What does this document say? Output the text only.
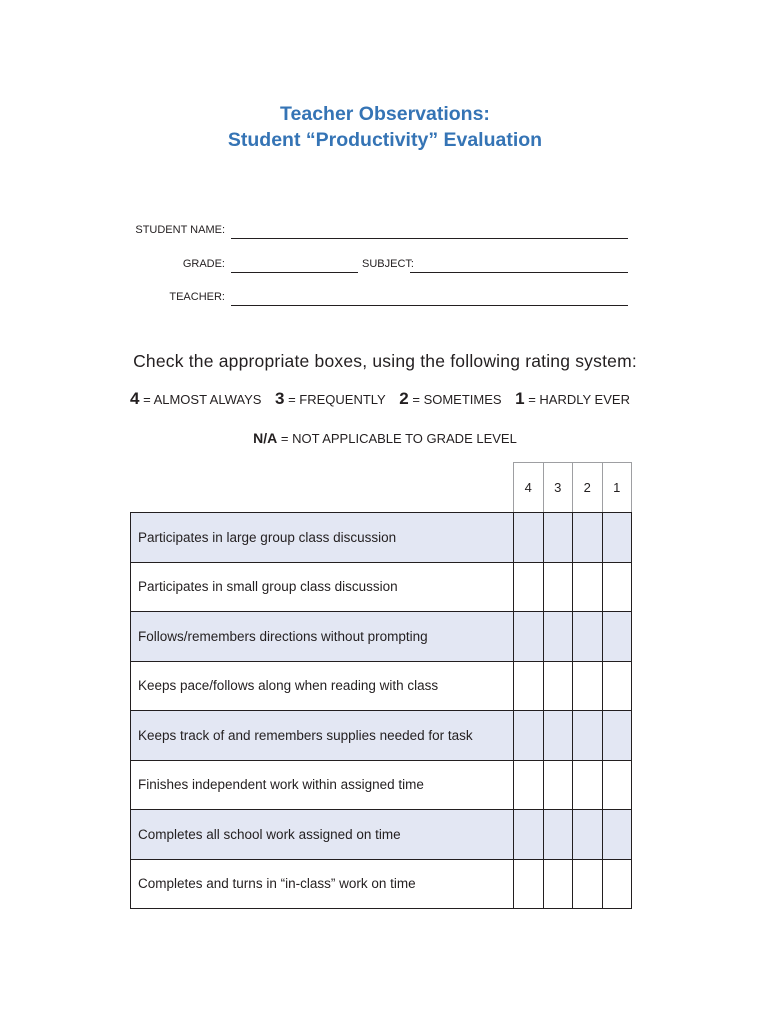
Teacher Observations:
Student “Productivity” Evaluation
STUDENT NAME:
GRADE:	SUBJECT:
TEACHER:
Check the appropriate boxes, using the following rating system:
4 = ALMOST ALWAYS 3 = FREQUENTLY 2 = SOMETIMES 1 = HARDLY EVER
N/A = NOT APPLICABLE TO GRADE LEVEL
	4	3	2	1
Participates in large group class discussion				
Participates in small group class discussion				
Follows/remembers directions without prompting				
Keeps pace/follows along when reading with class				
Keeps track of and remembers supplies needed for task				
Finishes independent work within assigned time				
Completes all school work assigned on time				
Completes and turns in “in-class” work on time				
